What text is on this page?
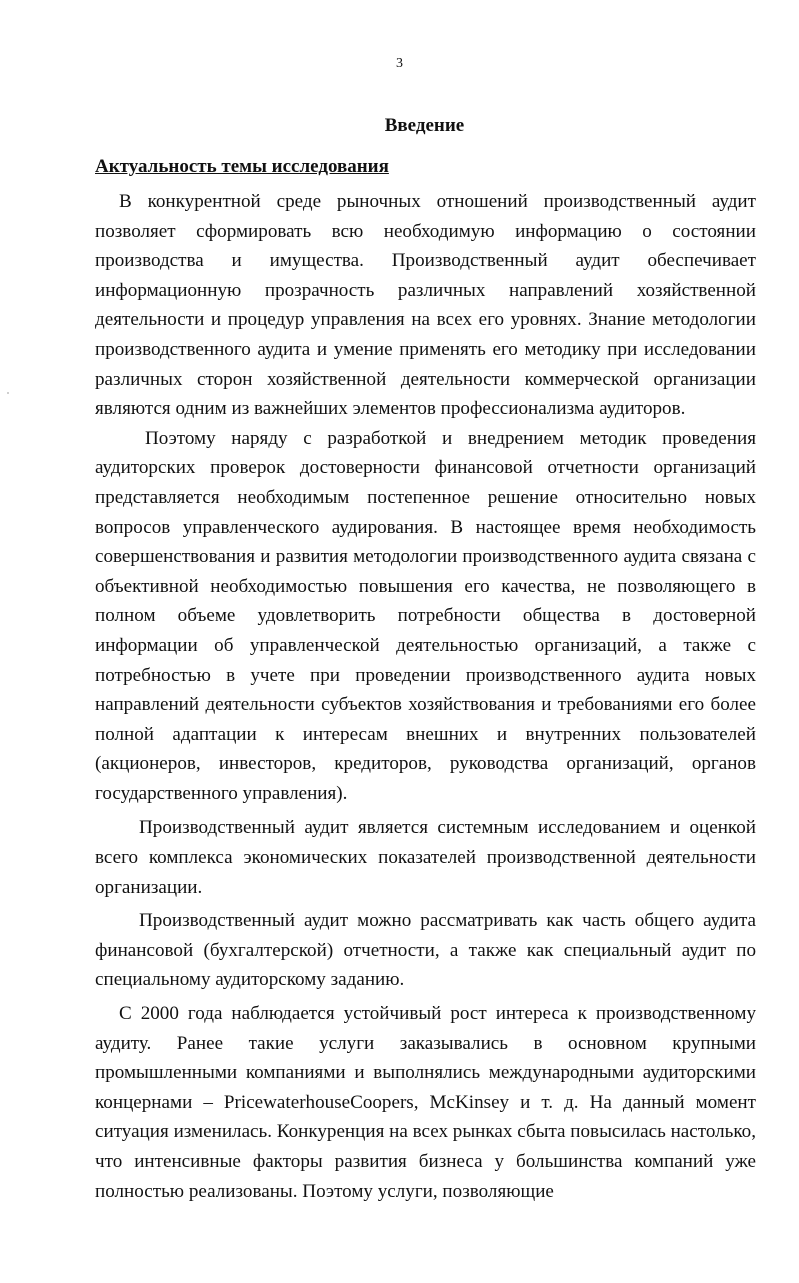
3
Введение
Актуальность темы исследования

В конкурентной среде рыночных отношений производственный аудит позволяет сформировать всю необходимую информацию о состоянии производства и имущества. Производственный аудит обеспечивает информационную прозрачность различных направлений хозяйственной деятельности и процедур управления на всех его уровнях. Знание методологии производственного аудита и умение применять его методику при исследовании различных сторон хозяйственной деятельности коммерческой организации являются одним из важнейших элементов профессионализма аудиторов.

Поэтому наряду с разработкой и внедрением методик проведения аудиторских проверок достоверности финансовой отчетности организаций представляется необходимым постепенное решение относительно новых вопросов управленческого аудирования. В настоящее время необходимость совершенствования и развития методологии производственного аудита связана с объективной необходимостью повышения его качества, не позволяющего в полном объеме удовлетворить потребности общества в достоверной информации об управленческой деятельностью организаций, а также с потребностью в учете при проведении производственного аудита новых направлений деятельности субъектов хозяйствования и требованиями его более полной адаптации к интересам внешних и внутренних пользователей (акционеров, инвесторов, кредиторов, руководства организаций, органов государственного управления).

Производственный аудит является системным исследованием и оценкой всего комплекса экономических показателей производственной деятельности организации.

Производственный аудит можно рассматривать как часть общего аудита финансовой (бухгалтерской) отчетности, а также как специальный аудит по специальному аудиторскому заданию.

С 2000 года наблюдается устойчивый рост интереса к производственному аудиту. Ранее такие услуги заказывались в основном крупными промышленными компаниями и выполнялись международными аудиторскими концернами – PricewaterhouseCoopers, McKinsey и т. д. На данный момент ситуация изменилась. Конкуренция на всех рынках сбыта повысилась настолько, что интенсивные факторы развития бизнеса у большинства компаний уже полностью реализованы. Поэтому услуги, позволяющие
